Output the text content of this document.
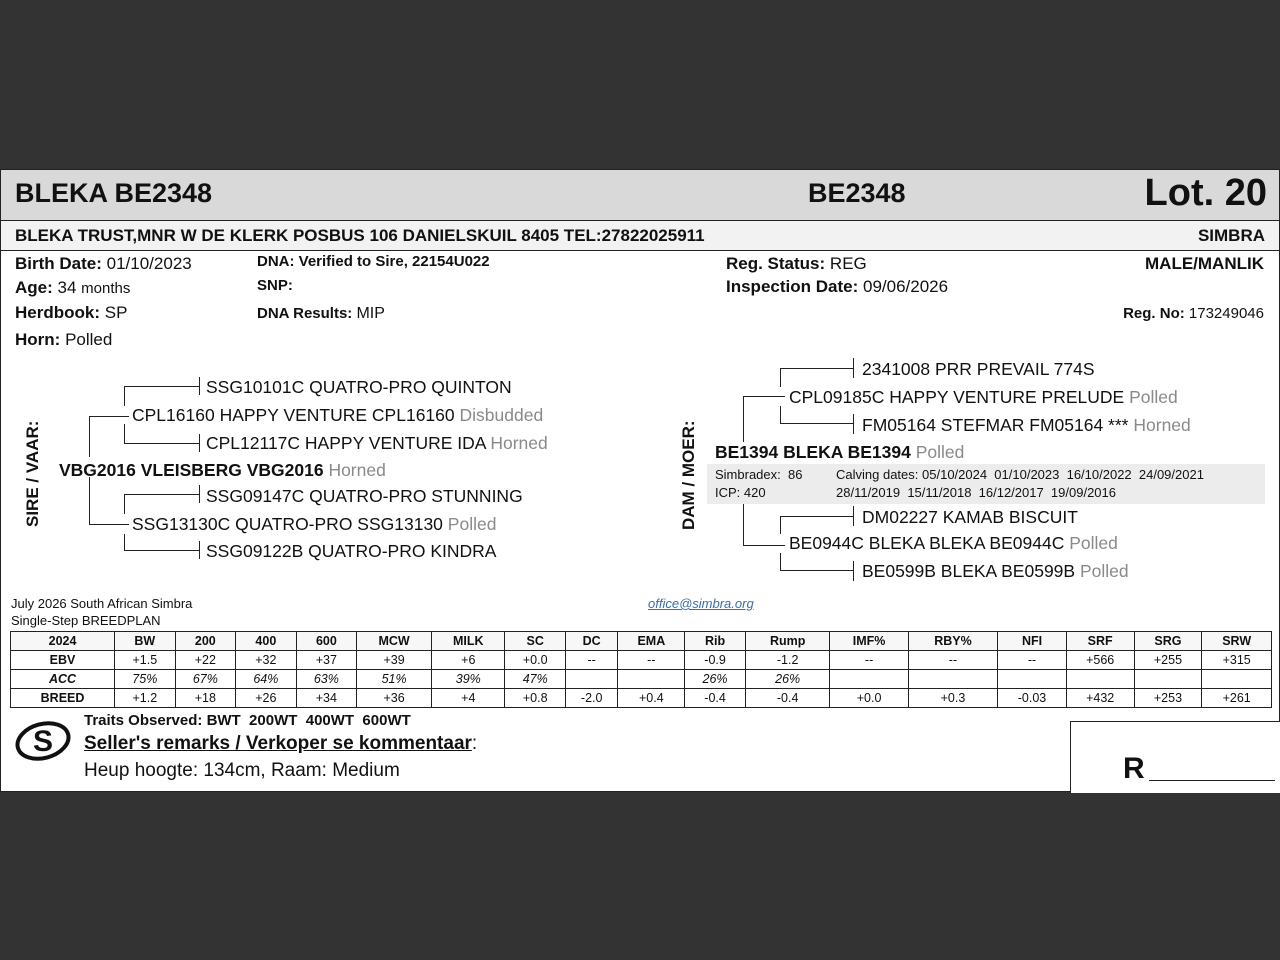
BLEKA BE2348	BE2348	Lot. 20
BLEKA TRUST,MNR W DE KLERK POSBUS 106 DANIELSKUIL 8405 TEL:27822025911	SIMBRA
Birth Date: 01/10/2023
Age: 34 months
Herdbook: SP
Horn: Polled
DNA: Verified to Sire, 22154U022
SNP:
DNA Results: MIP
Reg. Status: REG
Inspection Date: 09/06/2026
MALE/MANLIK
Reg. No: 173249046
SIRE / VAAR:
SSG10101C QUATRO-PRO QUINTON
CPL16160 HAPPY VENTURE CPL16160 Disbudded
CPL12117C HAPPY VENTURE IDA Horned
VBG2016 VLEISBERG VBG2016 Horned
SSG09147C QUATRO-PRO STUNNING
SSG13130C QUATRO-PRO SSG13130 Polled
SSG09122B QUATRO-PRO KINDRA
DAM / MOER:
2341008 PRR PREVAIL 774S
CPL09185C HAPPY VENTURE PRELUDE Polled
FM05164 STEFMAR FM05164 *** Horned
BE1394 BLEKA BE1394 Polled
Simbradex: 86
ICP: 420
Calving dates: 05/10/2024  01/10/2023  16/10/2022  24/09/2021
28/11/2019  15/11/2018  16/12/2017  19/09/2016
DM02227 KAMAB BISCUIT
BE0944C BLEKA BLEKA BE0944C Polled
BE0599B BLEKA BE0599B Polled
July 2026 South African Simbra
Single-Step BREEDPLAN
office@simbra.org
2024	BW	200	400	600	MCW	MILK	SC	DC	EMA	Rib	Rump	IMF%	RBY%	NFI	SRF	SRG	SRW
EBV	+1.5	+22	+32	+37	+39	+6	+0.0	--	--	-0.9	-1.2	--	--	--	+566	+255	+315
ACC	75%	67%	64%	63%	51%	39%	47%			26%	26%						
BREED	+1.2	+18	+26	+34	+36	+4	+0.8	-2.0	+0.4	-0.4	-0.4	+0.0	+0.3	-0.03	+432	+253	+261
S
Traits Observed: BWT  200WT  400WT  600WT
Seller's remarks / Verkoper se kommentaar:
Heup hoogte: 134cm, Raam: Medium	R
